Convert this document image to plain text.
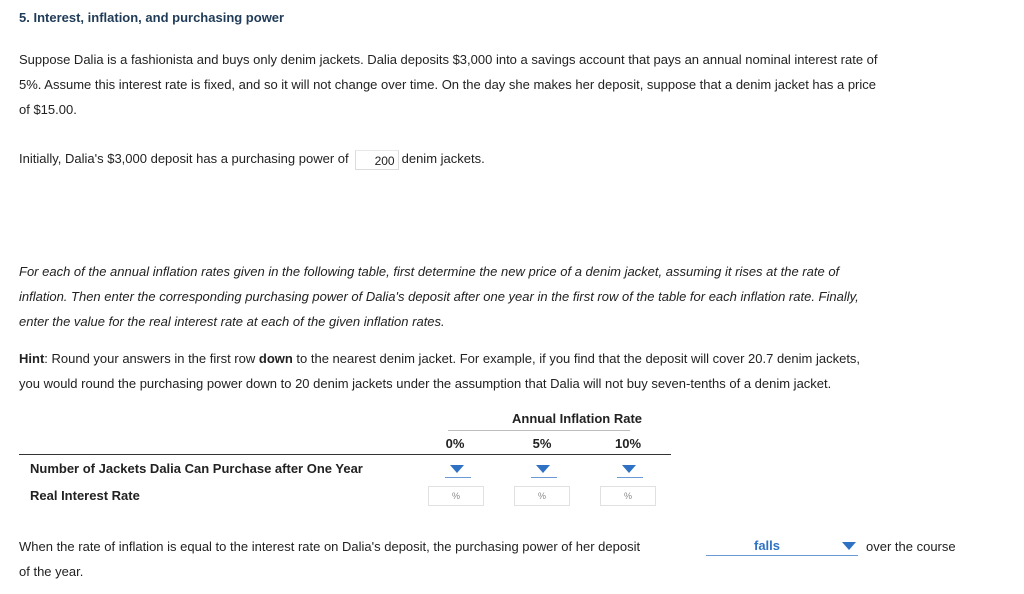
5. Interest, inflation, and purchasing power
Suppose Dalia is a fashionista and buys only denim jackets. Dalia deposits $3,000 into a savings account that pays an annual nominal interest rate of
5%. Assume this interest rate is fixed, and so it will not change over time. On the day she makes her deposit, suppose that a denim jacket has a price
of $15.00.
Initially, Dalia's $3,000 deposit has a purchasing power of 200 denim jackets.
For each of the annual inflation rates given in the following table, first determine the new price of a denim jacket, assuming it rises at the rate of
inflation. Then enter the corresponding purchasing power of Dalia's deposit after one year in the first row of the table for each inflation rate. Finally,
enter the value for the real interest rate at each of the given inflation rates.
Hint: Round your answers in the first row down to the nearest denim jacket. For example, if you find that the deposit will cover 20.7 denim jackets,
you would round the purchasing power down to 20 denim jackets under the assumption that Dalia will not buy seven-tenths of a denim jacket.
Annual Inflation Rate
0%	5%	10%
Number of Jackets Dalia Can Purchase after One Year
Real Interest Rate	%	%	%
When the rate of inflation is equal to the interest rate on Dalia's deposit, the purchasing power of her deposit
of the year.
falls	over the course
